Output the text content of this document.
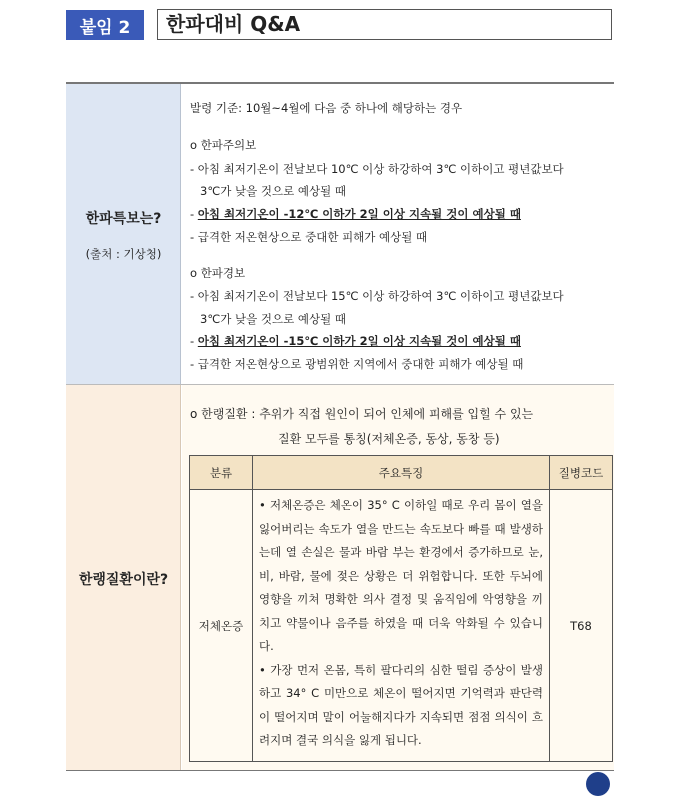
붙임 2	한파대비 Q&A
한파특보는?
(출처 : 기상청)
발령 기준: 10월~4월에 다음 중 하나에 해당하는 경우
o 한파주의보
- 아침 최저기온이 전날보다 10℃ 이상 하강하여 3℃ 이하이고 평년값보다
3℃가 낮을 것으로 예상될 때
- 아침 최저기온이 -12℃ 이하가 2일 이상 지속될 것이 예상될 때
- 급격한 저온현상으로 중대한 피해가 예상될 때
o 한파경보
- 아침 최저기온이 전날보다 15℃ 이상 하강하여 3℃ 이하이고 평년값보다
3℃가 낮을 것으로 예상될 때
- 아침 최저기온이 -15℃ 이하가 2일 이상 지속될 것이 예상될 때
- 급격한 저온현상으로 광범위한 지역에서 중대한 피해가 예상될 때
한랭질환이란?
o 한랭질환 : 추위가 직접 원인이 되어 인체에 피해를 입힐 수 있는
질환 모두를 통칭(저체온증, 동상, 동창 등)
분류	주요특징	질병코드
저체온증	• 저체온증은 체온이 35° C 이하일 때로 우리 몸이 열을 잃어버리는 속도가 열을 만드는 속도보다 빠를 때 발생하는데 열 손실은 물과 바람 부는 환경에서 증가하므로 눈, 비, 바람, 물에 젖은 상황은 더 위험합니다. 또한 두뇌에 영향을 끼쳐 명확한 의사 결정 및 움직임에 악영향을 끼치고 약물이나 음주를 하였을 때 더욱 악화될 수 있습니다.
• 가장 먼저 온몸, 특히 팔다리의 심한 떨림 증상이 발생하고 34° C 미만으로 체온이 떨어지면 기억력과 판단력이 떨어지며 말이 어눌해지다가 지속되면 점점 의식이 흐려지며 결국 의식을 잃게 됩니다.	T68
